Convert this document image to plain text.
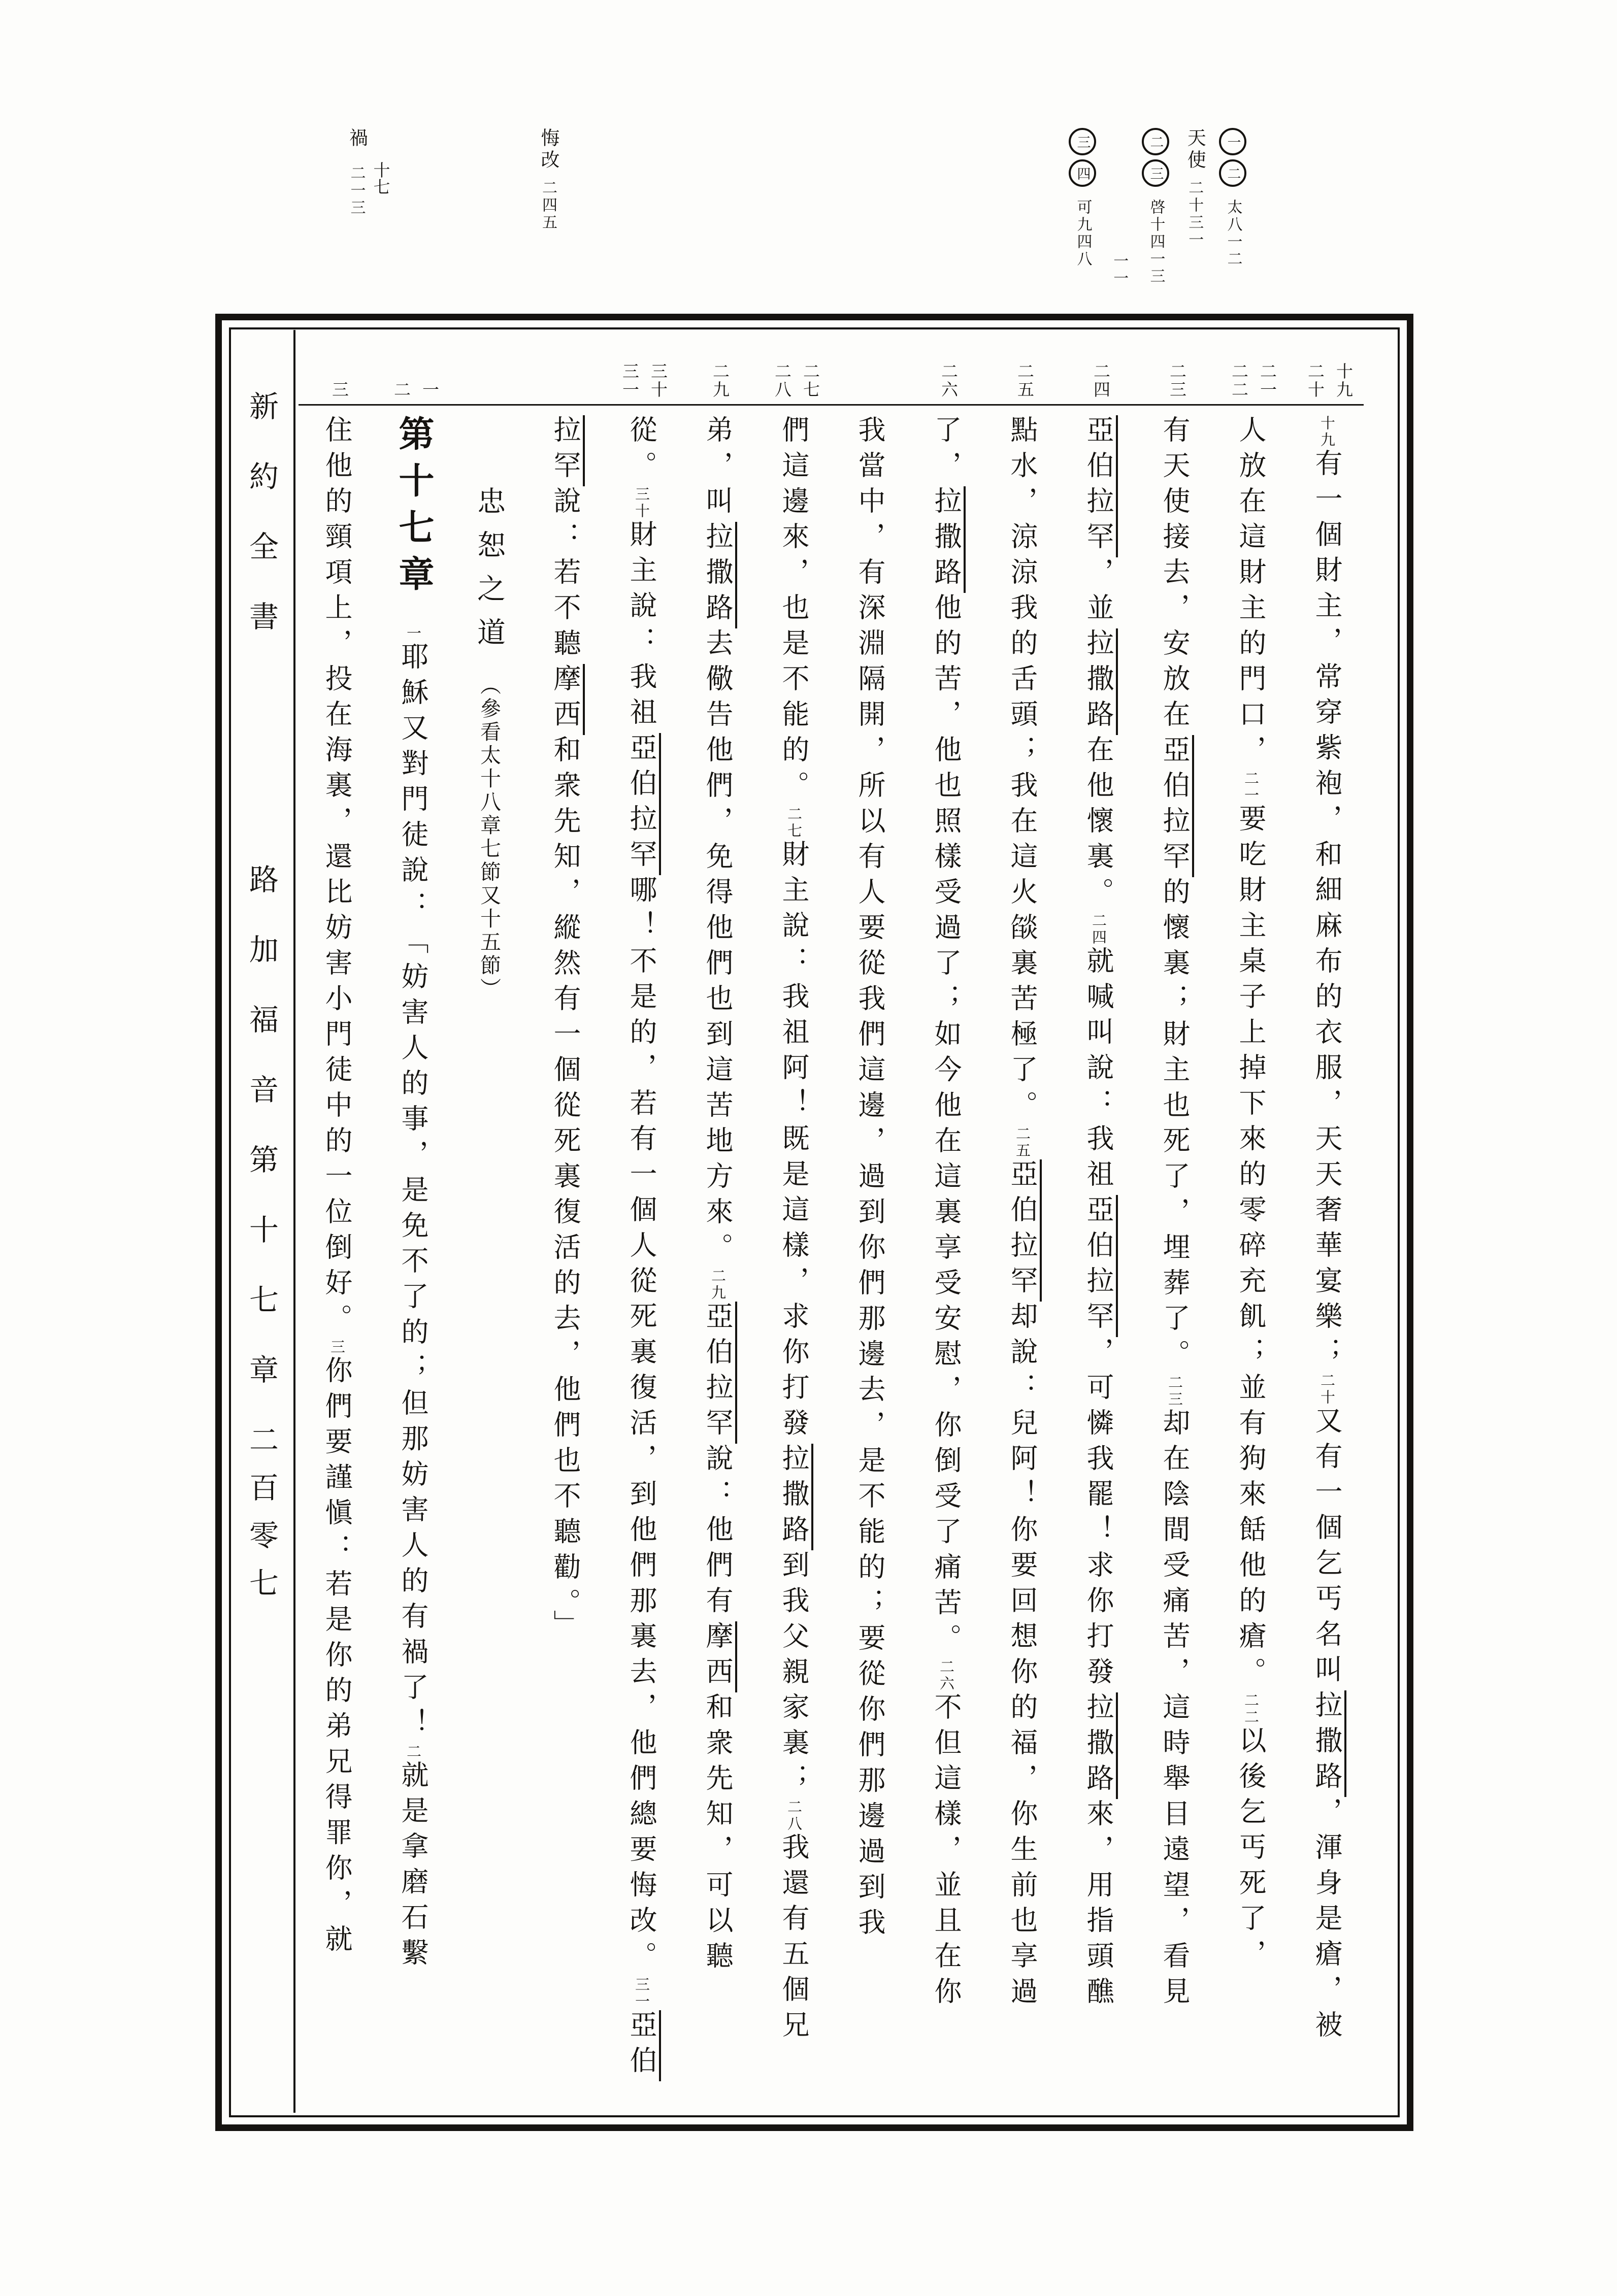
一二太八一二
天使二十三一
二三啓十四一三
一一
三四可九四八
悔改二四五
十七
禍二一三
新約全書
路加福音
第十七章
二百零七
十九
二十
二一
二二
二三
二四
二五
二六
二七
二八
二九
三十
三一
一
二
三
十九有一個財主，常穿紫袍，和細麻布的衣服，天天奢華宴樂；二十又有一個乞丐名叫拉撒路，渾身是瘡，被
人放在這財主的門口，二一要吃財主桌子上掉下來的零碎充飢；並有狗來餂他的瘡。二二以後乞丐死了，
有天使接去，安放在亞伯拉罕的懷裏；財主也死了，埋葬了。二三却在陰間受痛苦，這時舉目遠望，看見
亞伯拉罕，並拉撒路在他懷裏。二四就喊叫說：我祖亞伯拉罕，可憐我罷！求你打發拉撒路來，用指頭醮
點水，涼涼我的舌頭；我在這火燄裏苦極了。二五亞伯拉罕却說：兒阿！你要回想你的福，你生前也享過
了，拉撒路他的苦，他也照樣受過了；如今他在這裏享受安慰，你倒受了痛苦。二六不但這樣，並且在你
我當中，有深淵隔開，所以有人要從我們這邊，過到你們那邊去，是不能的；要從你們那邊過到我
們這邊來，也是不能的。二七財主說：我祖阿！既是這樣，求你打發拉撒路到我父親家裏；二八我還有五個兄
弟，叫拉撒路去儆告他們，免得他們也到這苦地方來。二九亞伯拉罕說：他們有摩西和衆先知，可以聽
從。三十財主說：我祖亞伯拉罕哪！不是的，若有一個人從死裏復活，到他們那裏去，他們總要悔改。三一亞伯
拉罕說：若不聽摩西和衆先知，縱然有一個從死裏復活的去，他們也不聽勸。」
忠恕之道（參看太十八章七節又十五節）
第十七章一耶穌又對門徒說：「妨害人的事，是免不了的；但那妨害人的有禍了！二就是拿磨石繫
住他的頸項上，投在海裏，還比妨害小門徒中的一位倒好。三你們要謹愼：若是你的弟兄得罪你，就
